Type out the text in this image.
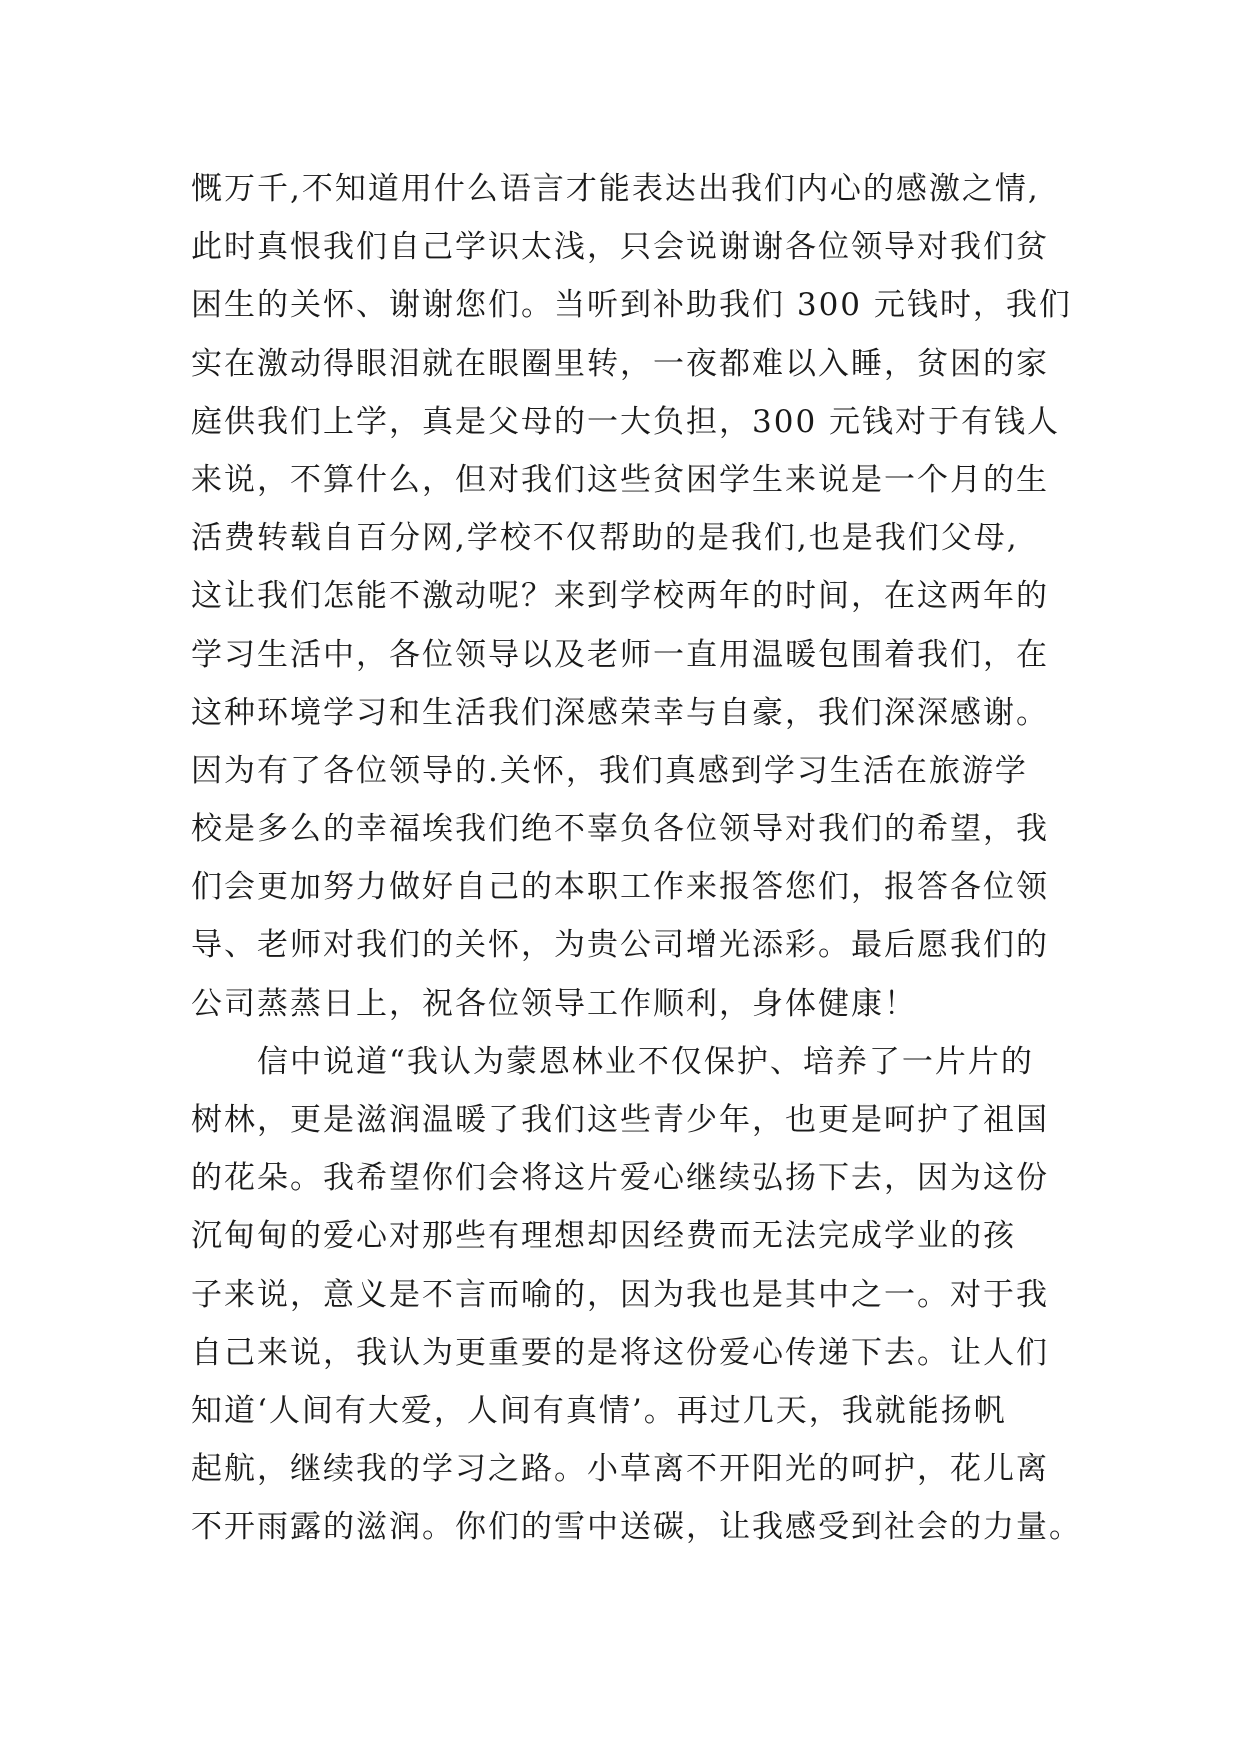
慨万千,不知道用什么语言才能表达出我们内心的感激之情,
此时真恨我们自己学识太浅，只会说谢谢各位领导对我们贫
困生的关怀、谢谢您们。当听到补助我们 300 元钱时，我们
实在激动得眼泪就在眼圈里转，一夜都难以入睡，贫困的家
庭供我们上学，真是父母的一大负担，300 元钱对于有钱人
来说，不算什么，但对我们这些贫困学生来说是一个月的生
活费转载自百分网,学校不仅帮助的是我们,也是我们父母,
这让我们怎能不激动呢？来到学校两年的时间，在这两年的
学习生活中，各位领导以及老师一直用温暖包围着我们，在
这种环境学习和生活我们深感荣幸与自豪，我们深深感谢。
因为有了各位领导的.关怀，我们真感到学习生活在旅游学
校是多么的幸福埃我们绝不辜负各位领导对我们的希望，我
们会更加努力做好自己的本职工作来报答您们，报答各位领
导、老师对我们的关怀，为贵公司增光添彩。最后愿我们的
公司蒸蒸日上，祝各位领导工作顺利，身体健康！
　　信中说道“我认为蒙恩林业不仅保护、培养了一片片的
树林，更是滋润温暖了我们这些青少年，也更是呵护了祖国
的花朵。我希望你们会将这片爱心继续弘扬下去，因为这份
沉甸甸的爱心对那些有理想却因经费而无法完成学业的孩
子来说，意义是不言而喻的，因为我也是其中之一。对于我
自己来说，我认为更重要的是将这份爱心传递下去。让人们
知道‘人间有大爱，人间有真情’。再过几天，我就能扬帆
起航，继续我的学习之路。小草离不开阳光的呵护，花儿离
不开雨露的滋润。你们的雪中送碳，让我感受到社会的力量。
